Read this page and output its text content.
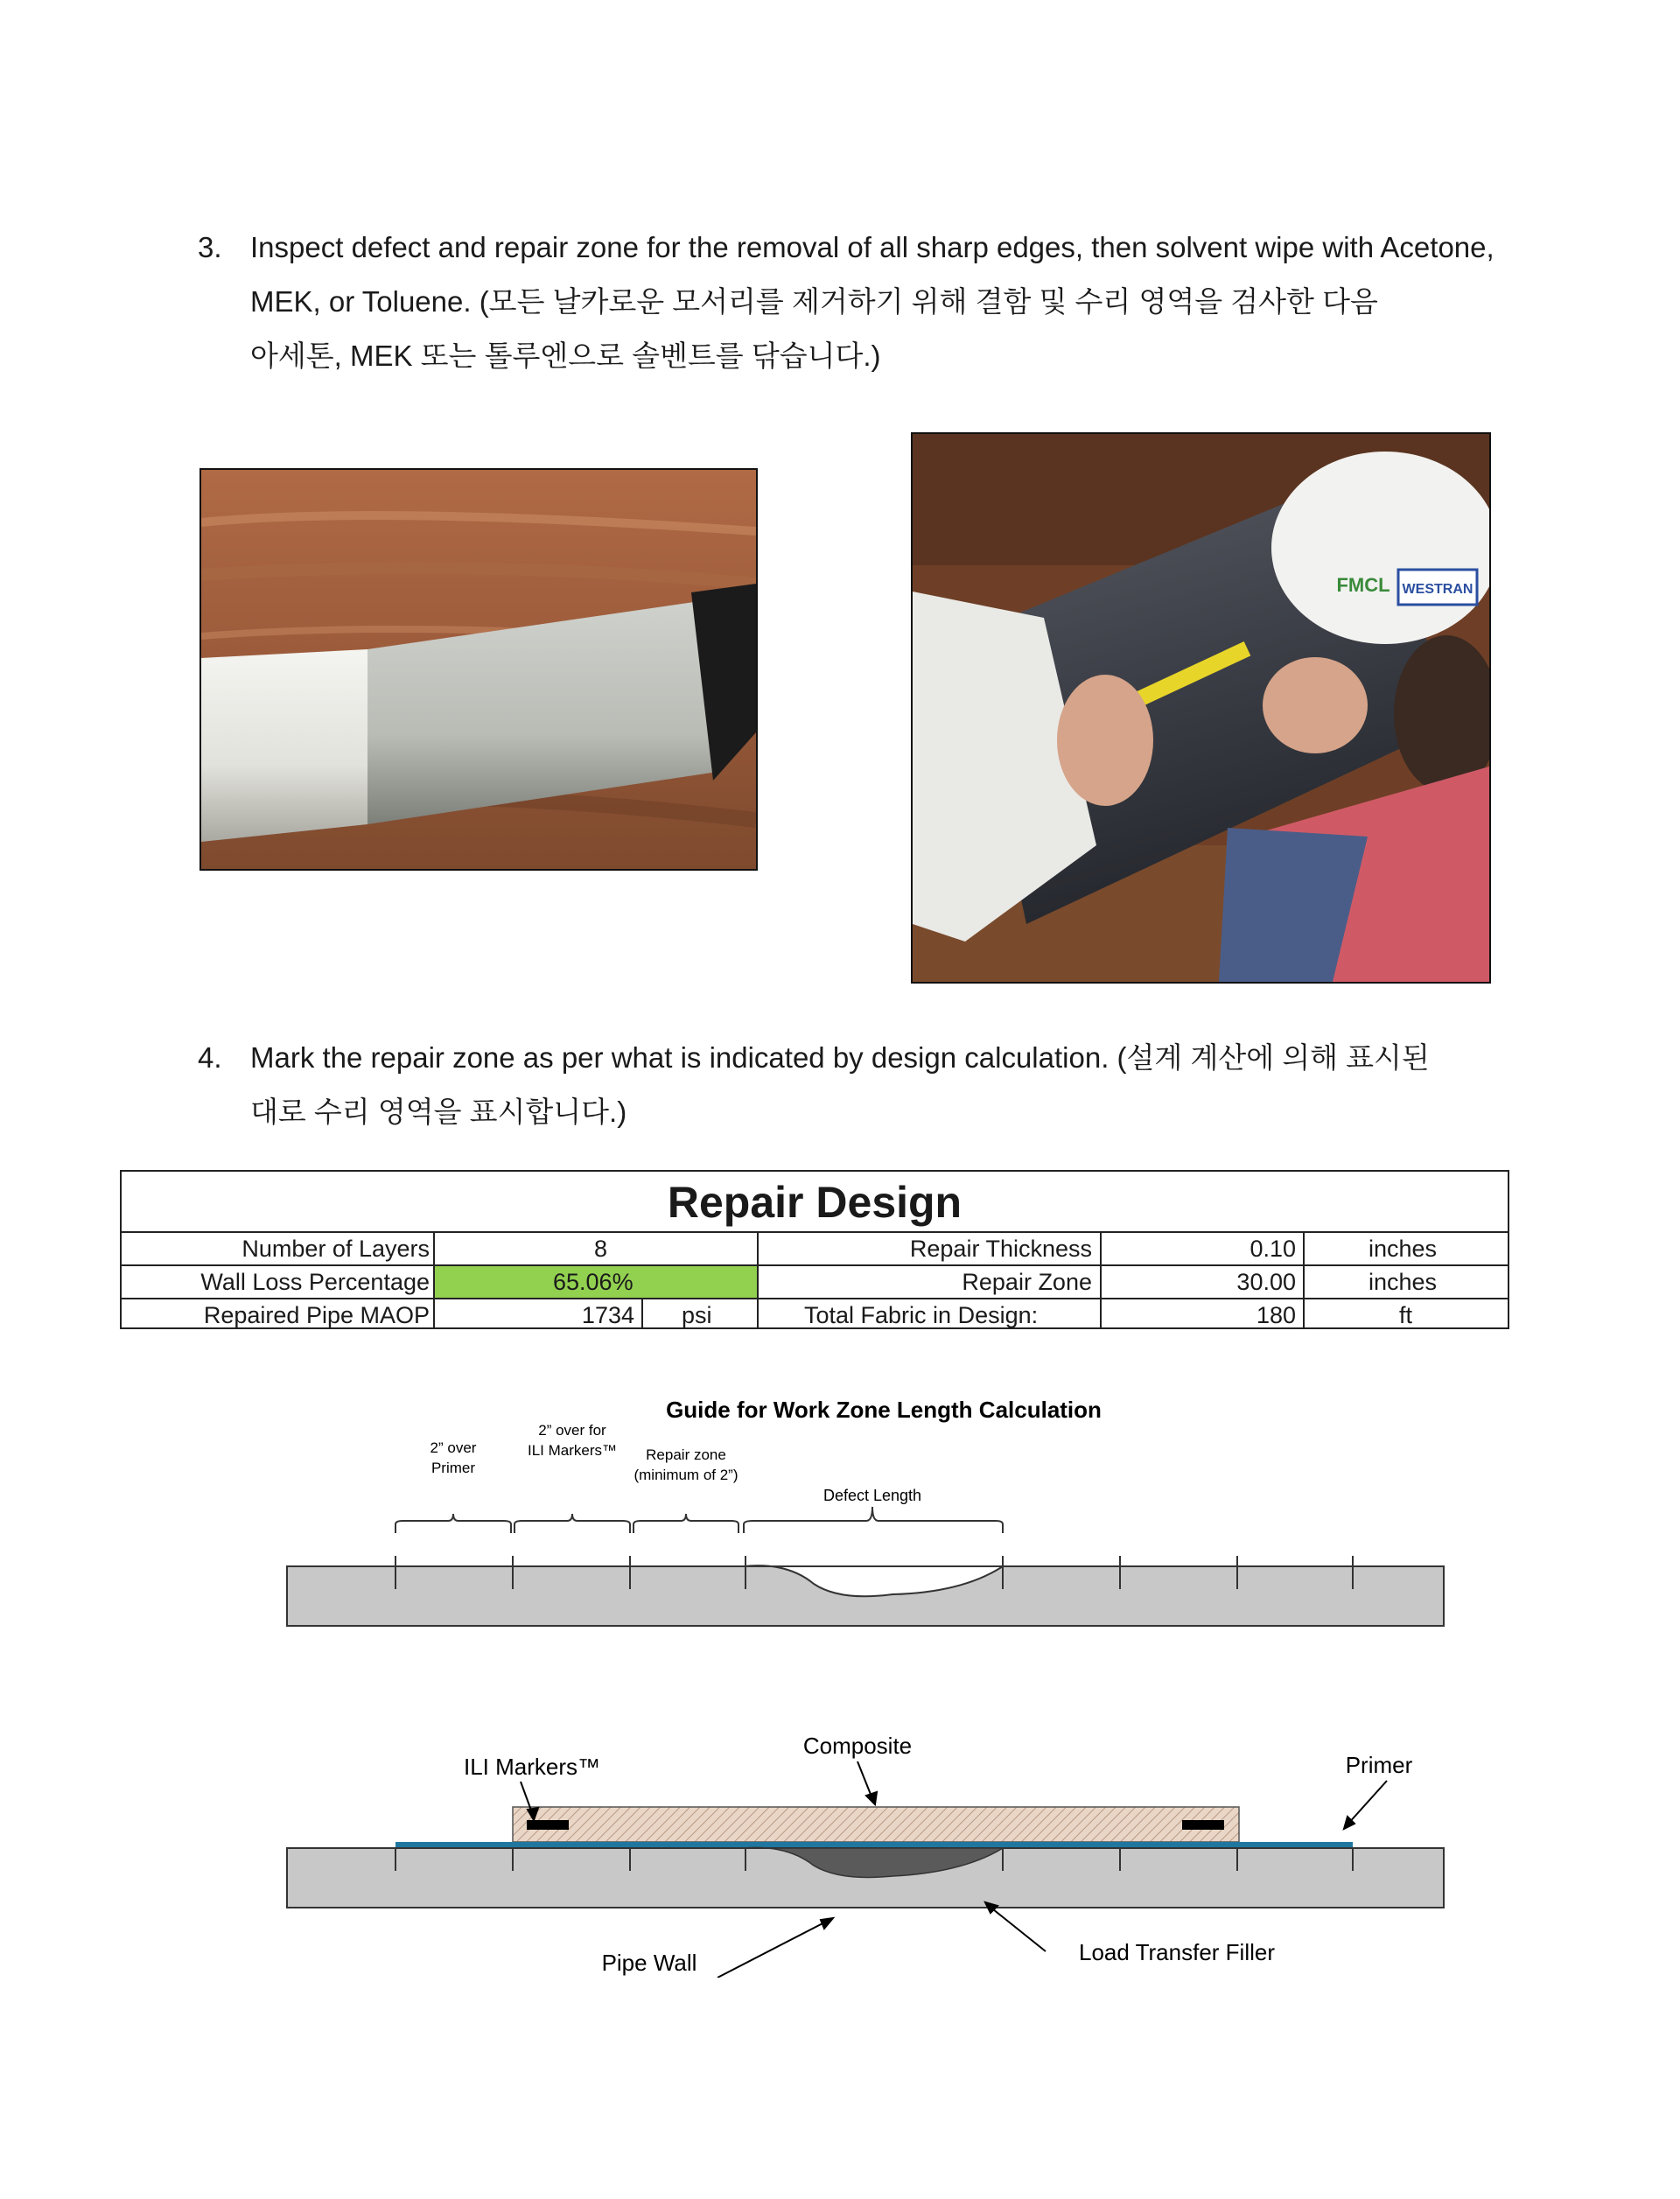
3. Inspect defect and repair zone for the removal of all sharp edges, then solvent wipe with Acetone,
MEK, or Toluene. (모든 날카로운 모서리를 제거하기 위해 결함 및 수리 영역을 검사한 다음
아세톤, MEK 또는 톨루엔으로 솔벤트를 닦습니다.)
WESTRAN
FMCL
4. Mark the repair zone as per what is indicated by design calculation. (설계 계산에 의해 표시된
대로 수리 영역을 표시합니다.)
Repair Design
Number of Layers	8	Repair Thickness	0.10	inches
Wall Loss Percentage	65.06%	Repair Zone	30.00	inches
Repaired Pipe MAOP	1734 psi	Total Fabric in Design:	180	ft
Guide for Work Zone Length Calculation
2” over
Primer
2” over for
ILI Markers™ Repair zone
(minimum of 2”)
Defect Length
ILI Markers™
Composite
Primer
Pipe Wall	Load Transfer Filler
